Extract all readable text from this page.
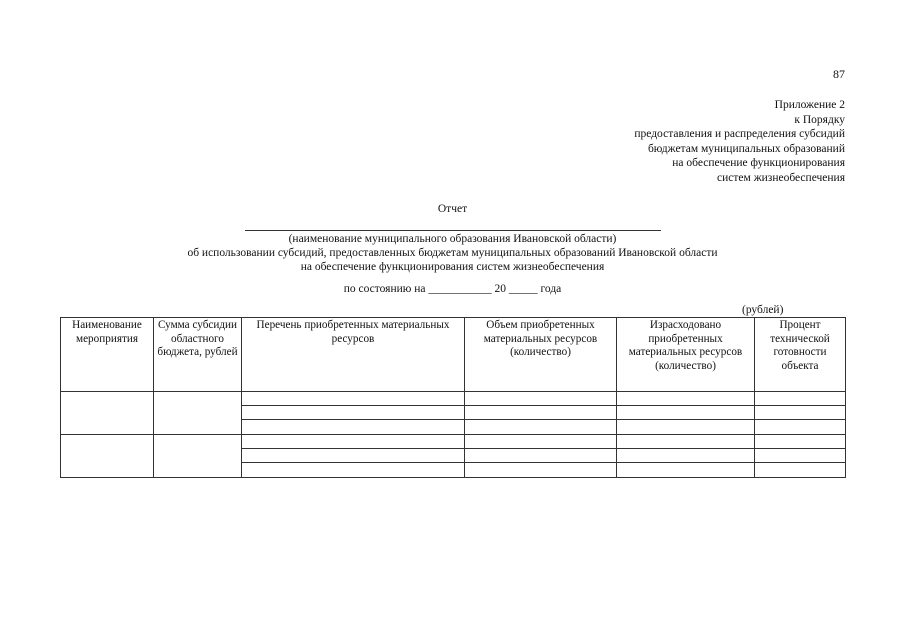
87
Приложение 2
к Порядку
предоставления и распределения субсидий
бюджетам муниципальных образований
на обеспечение функционирования
систем жизнеобеспечения
Отчет
(наименование муниципального образования Ивановской области)
об использовании субсидий, предоставленных бюджетам муниципальных образований Ивановской области
на обеспечение функционирования систем жизнеобеспечения
по состоянию на ___________ 20 _____ года
(рублей)
Наименование мероприятия	Сумма субсидии областного бюджета, рублей	Перечень приобретенных материальных ресурсов	Объем приобретенных материальных ресурсов (количество)	Израсходовано приобретенных материальных ресурсов (количество)	Процент технической готовности объекта
